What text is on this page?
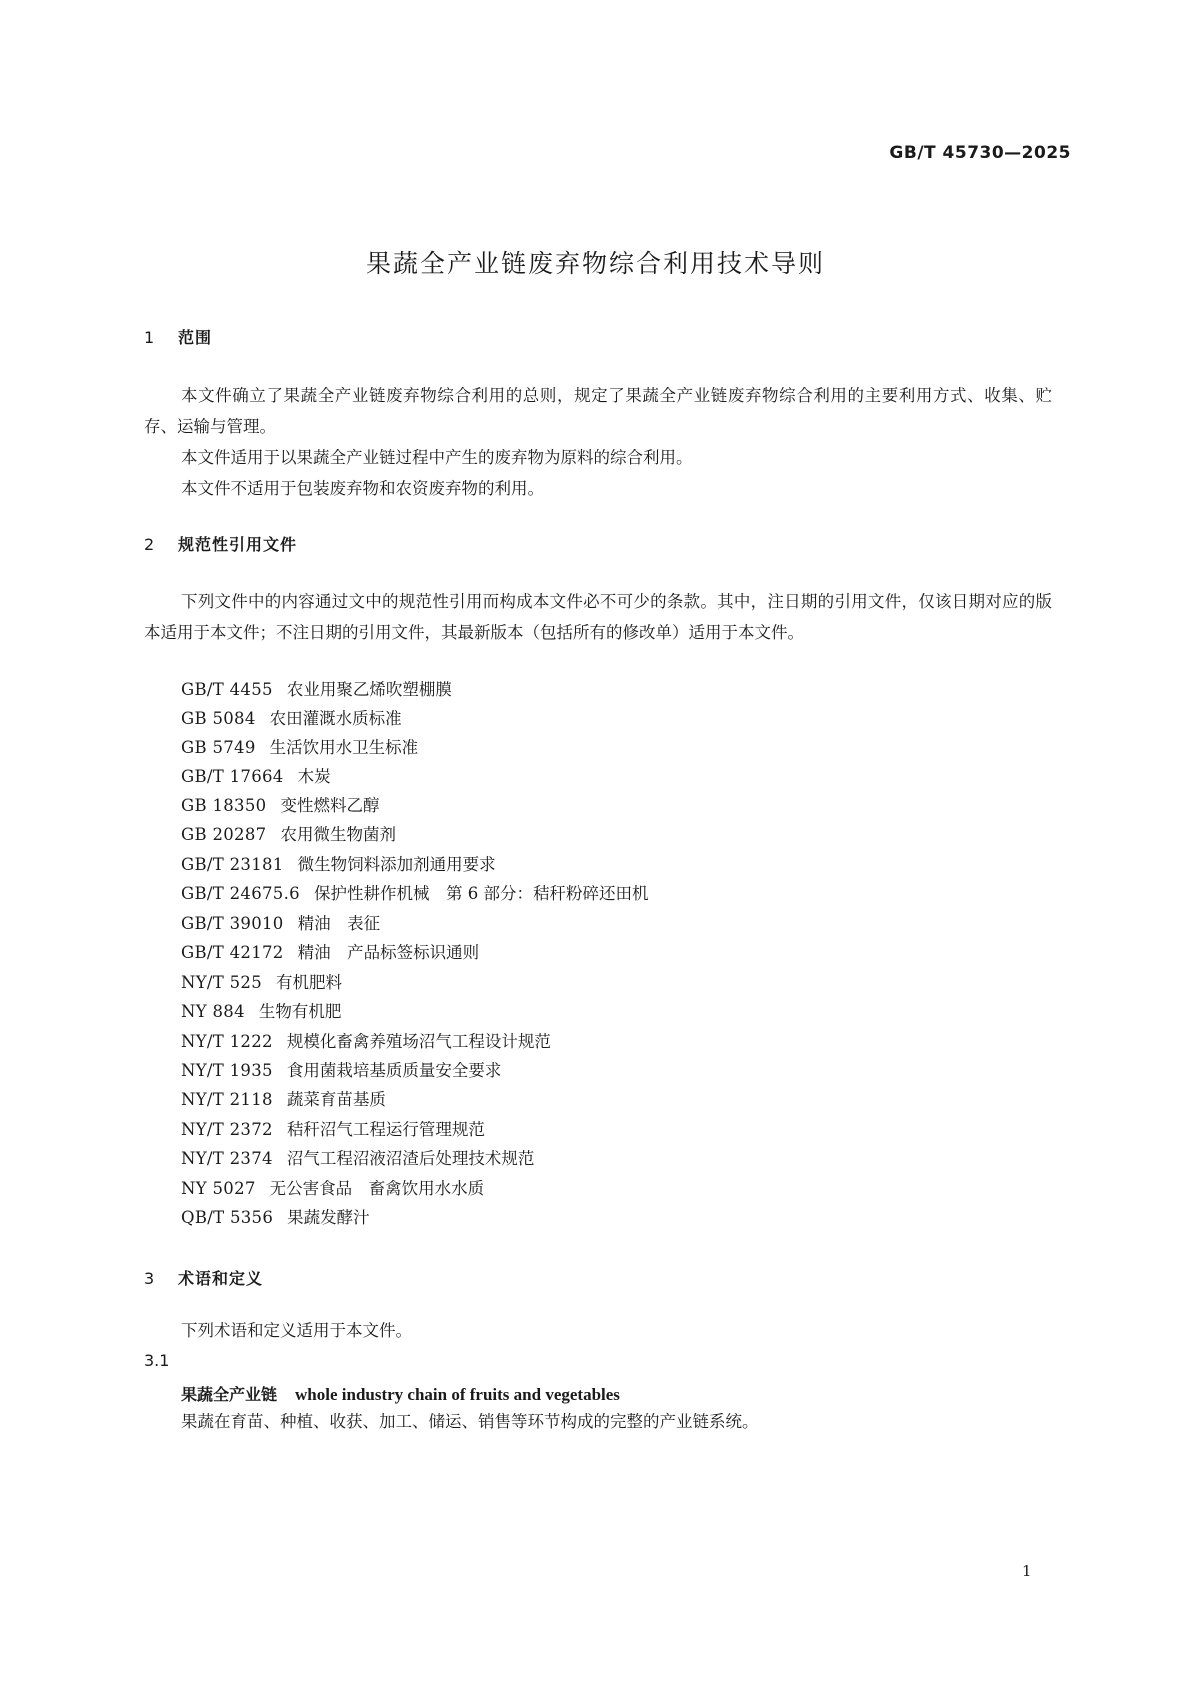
GB/T 45730—2025
果蔬全产业链废弃物综合利用技术导则
1 范围

本文件确立了果蔬全产业链废弃物综合利用的总则，规定了果蔬全产业链废弃物综合利用的主要利用方式、收集、贮存、运输与管理。

本文件适用于以果蔬全产业链过程中产生的废弃物为原料的综合利用。

本文件不适用于包装废弃物和农资废弃物的利用。

2 规范性引用文件

下列文件中的内容通过文中的规范性引用而构成本文件必不可少的条款。其中，注日期的引用文件，仅该日期对应的版本适用于本文件；不注日期的引用文件，其最新版本（包括所有的修改单）适用于本文件。

GB/T 4455 农业用聚乙烯吹塑棚膜
GB 5084 农田灌溉水质标准
GB 5749 生活饮用水卫生标准
GB/T 17664 木炭
GB 18350 变性燃料乙醇
GB 20287 农用微生物菌剂
GB/T 23181 微生物饲料添加剂通用要求
GB/T 24675.6 保护性耕作机械　第 6 部分：秸秆粉碎还田机
GB/T 39010 精油　表征
GB/T 42172 精油　产品标签标识通则
NY/T 525 有机肥料
NY 884 生物有机肥
NY/T 1222 规模化畜禽养殖场沼气工程设计规范
NY/T 1935 食用菌栽培基质质量安全要求
NY/T 2118 蔬菜育苗基质
NY/T 2372 秸秆沼气工程运行管理规范
NY/T 2374 沼气工程沼液沼渣后处理技术规范
NY 5027 无公害食品　畜禽饮用水水质
QB/T 5356 果蔬发酵汁
3 术语和定义
下列术语和定义适用于本文件。
3.1
果蔬全产业链 whole industry chain of fruits and vegetables
果蔬在育苗、种植、收获、加工、储运、销售等环节构成的完整的产业链系统。
1
